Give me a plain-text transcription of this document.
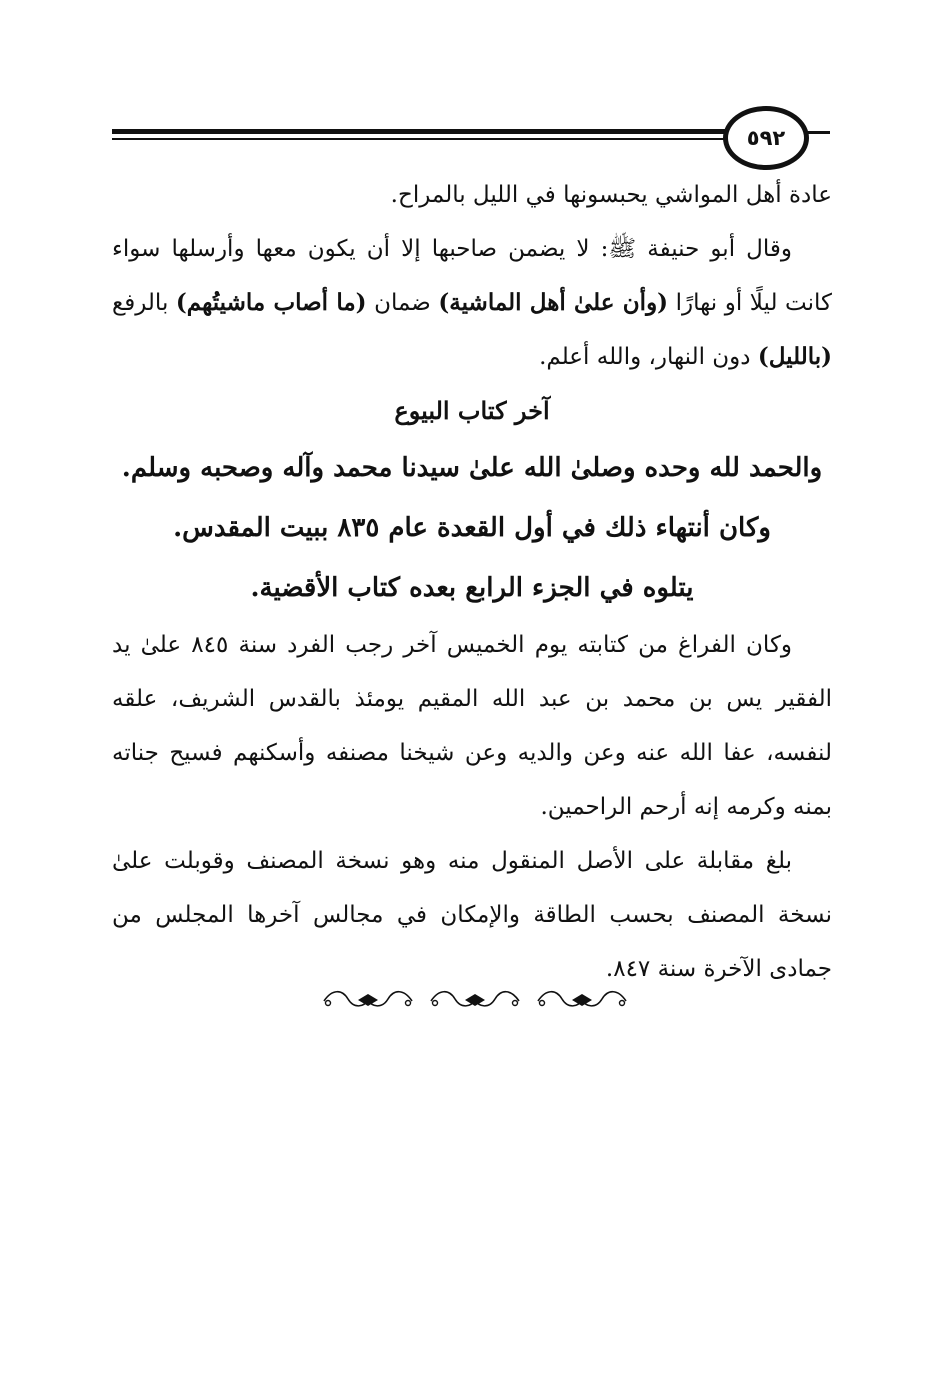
٥٩٢

عادة أهل المواشي يحبسونها في الليل بالمراح.

وقال أبو حنيفة ﷺ: لا يضمن صاحبها إلا أن يكون معها وأرسلها سواء كانت ليلًا أو نهارًا (وأن علىٰ أهل الماشية) ضمان (ما أصاب ماشيتُهم) بالرفع (بالليل) دون النهار، والله أعلم.

آخر كتاب البيوع

والحمد لله وحده وصلىٰ الله علىٰ سيدنا محمد وآله وصحبه وسلم.

وكان أنتهاء ذلك في أول القعدة عام ٨٣٥ ببيت المقدس.

يتلوه في الجزء الرابع بعده كتاب الأقضية.

وكان الفراغ من كتابته يوم الخميس آخر رجب الفرد سنة ٨٤٥ علىٰ يد الفقير يس بن محمد بن عبد الله المقيم يومئذ بالقدس الشريف، علقه لنفسه، عفا الله عنه وعن والديه وعن شيخنا مصنفه وأسكنهم فسيح جناته بمنه وكرمه إنه أرحم الراحمين.

بلغ مقابلة على الأصل المنقول منه وهو نسخة المصنف وقوبلت علىٰ نسخة المصنف بحسب الطاقة والإمكان في مجالس آخرها المجلس من جمادى الآخرة سنة ٨٤٧.
